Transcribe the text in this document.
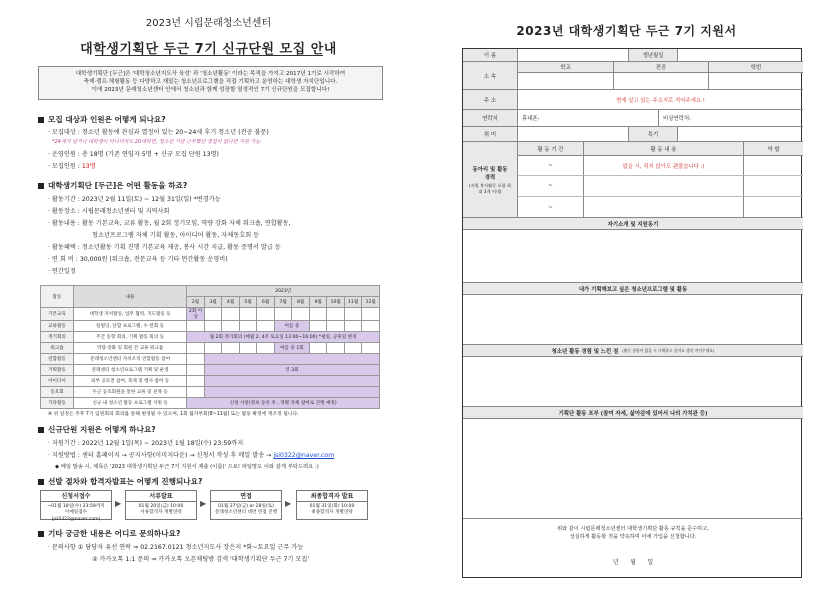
2023년 시립문래청소년센터
대학생기획단 두근 7기 신규단원 모집 안내
대학생기획단 [두근]은 '대학청소년지도사 육성' 과 '청소년활동' 이라는 목적을 가지고 2017년 1기로 시작하여
축제·캠프·체험활동 등 다양하고 재밌는 청소년프로그램을 직접 기획하고 운영하는 대학생 자치단입니다.
이에 2023년 문래청소년센터 안에서 청소년과 함께 성장할 열정적인 7기 신규단원을 모집합니다!
모집 대상과 인원은 어떻게 되나요?
· 모집대상 : 청소년 활동에 관심과 열정이 있는 20~24세 후기 청소년 (전공 불문)
*24세가 넘거나 대학생이 아니더라도 20대라면, 청소년 기관 근무했던 경험이 없다면 지원 가능.
· 운영인원 : 총 18명 (기존 연임자 5명 + 신규 모집 단원 13명)
· 모집인원 : 13명
대학생기획단 [두근]은 어떤 활동을 하죠?
· 활동기간 : 2023년 2월 11일(토) ~ 12월 31일(일) *변경가능
· 활동장소 : 시립문래청소년센터 및 지역사회
· 활동내용 : 활동 기본교육, 교류 활동, 월 2회 정기모임, 역량 강화 자체 워크숍, 연합활동,
청소년프로그램 자체 기획 활동, 아이디어 활동, 자체동호회 등
· 활동혜택 : 청소년활동 기획 진행 기본교육 제공, 봉사 시간 지급, 활동 증명서 발급 등
· 연 회 비 : 30,000원 (워크숍, 전문교육 등 기타 연간활동 운영비)
· 연간일정
활동	내용	2023년										
		2월	3월	4월	5월	6월	7월	8월	9월	10월	11월	12월
기본교육	대학생 자치활동, 업무 협력, 지도활동 등	2회 이상										
교류활동	팀빌딩, 단합 프로그램, 수 련회 등						여름 중					
정기회의	주간 동향 회의, 기획 활동 회의 등	월 2회 정기회의 (매월 2, 4주 토요일 13:00~16:00) *평일, 공휴일 변경										
워크숍	역량 강화 및 회원 간 교류 워크숍						여름 중 1회					
연합활동	문래청소년센터 자치조직 연합활동 참여											
기획활동	문래센터 청소년프로그램 기획 및 운영		연 3회									
아이디어	외부 공모전 참여, 축제 및 행사 참여 등											
동호회	두근 동호회원을 통한 교류 및 친목 등											
기타활동	신규 내 청소년 활동 프로그램 지원 등	신청 사항(정보 등록 후 , 개별 자체 참여로 진행 예정)										
※ 위 일정은 추후 7기 임원회의 회의를 통해 변경될 수 있으며, 1회 월자부회(8~11월) 또는 활동 확정에 재조정 됩니다.
신규단원 지원은 어떻게 하나요?
· 지원기간 : 2022년 12월 1일(목) ~ 2023년 1월 18일(수) 23:59까지
· 지원방법 : 센터 홈페이지 → 공지사항(이미지다운) → 신청서 작성 후 메일 발송 → jsi0322@naver.com
◆ 메일 발송 시, 제목은 '2023 대학생기획단 두근 7기 지원서 제출 (이름)' 으로! 파일명도 이와 같게 부탁드려요 :)
선발 절차와 합격자발표는 어떻게 진행되나요?
신청서접수
~01월 18일(수) 23:59까지
이메일접수 (jsi0322@naver.com)
▶
서류발표
01월 20일(금) 10:00
서류합격자 개별연락
▶
면접
01월 27일(금) or 28일(토)
문래청소년센터 대면 면접 진행
▶
최종합격자 발표
01월 31일(화) 10:00
최종합격자 개별연락
기타 궁금한 내용은 어디로 문의하나요?
· 문의사항 ① 담당자 유선 연락 ⇒ 02.2167.0121 청소년지도사 장은지 *화~토요일 근무 가능
② 카카오톡 1:1 문의 ⇒ 카카오톡 오픈채팅방 검색 '대학생기획단 두근 7기 모집'
2023년 대학생기획단 두근 7기 지원서
이 름	생년월일
소 속
학교	전공	학번
주 소	현재 살고 있는 주소지로 적어주세요 !
연락처	휴대폰:	비상연락처:
취 미	특기
동아리 및 활동 경력
(자원 봉사활동 포함 최대 3개 이내)
활 동 기 간	활 동 내 용	역 할
~	없을 시, 적지 않아도 괜찮습니다 :)
~
~
자기소개 및 지원동기
내가 기획해보고 싶은 청소년프로그램 및 활동
청소년 활동 경험 및 느낀 점 (활동 경험이 없을 시 기획하고 싶어요 생각 적어주세요)
기획단 활동 포부 (참여 자세, 삶아감에 있어서 나의 가치관 등)
위와 같이 시립문래청소년센터 대학생기획단 활동 규칙을 준수하고,
성실하게 활동할 것을 약속하며 이에 가입을 신청합니다.
년      월      일
